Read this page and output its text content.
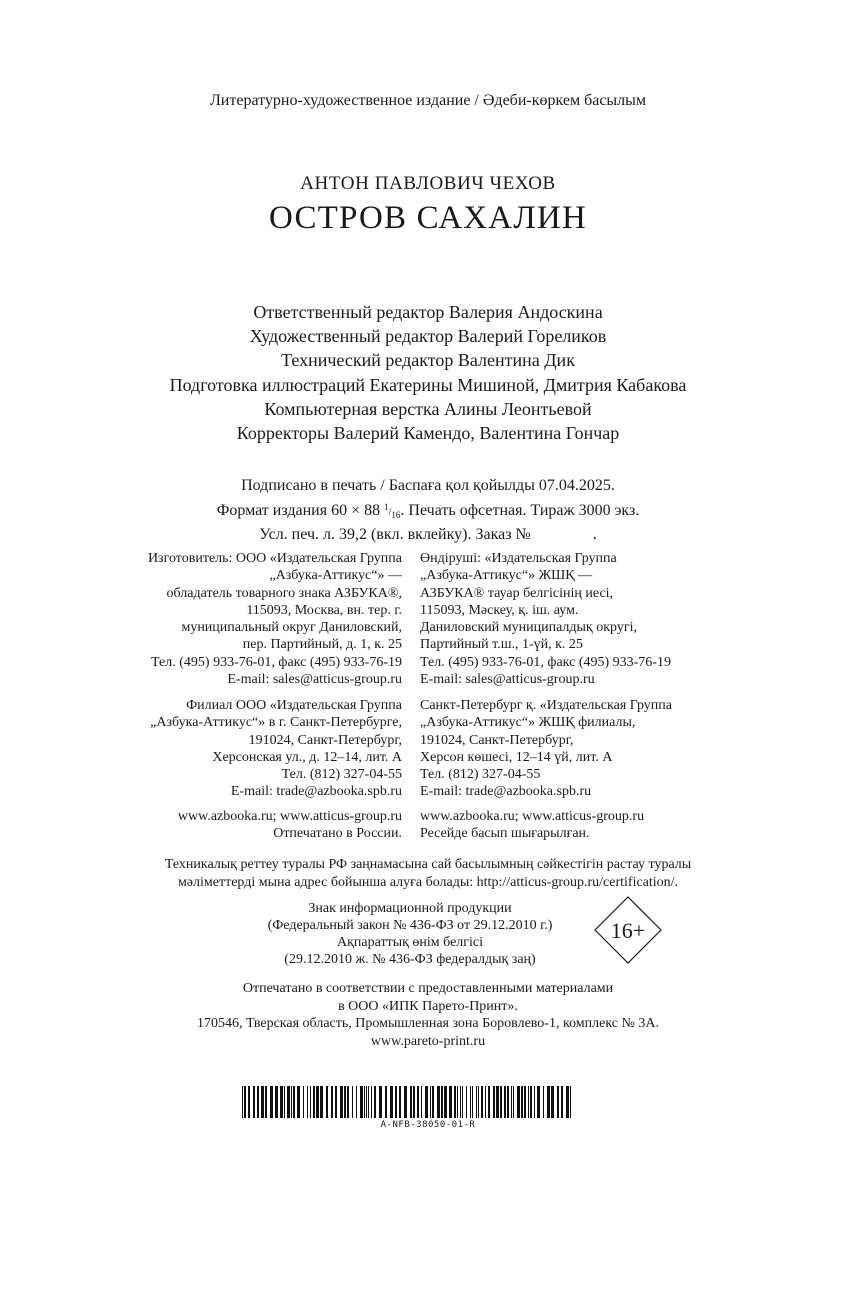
Литературно-художественное издание / Әдеби-көркем басылым
АНТОН ПАВЛОВИЧ ЧЕХОВ
ОСТРОВ САХАЛИН
Ответственный редактор Валерия Андоскина
Художественный редактор Валерий Гореликов
Технический редактор Валентина Дик
Подготовка иллюстраций Екатерины Мишиной, Дмитрия Кабакова
Компьютерная верстка Алины Леонтьевой
Корректоры Валерий Камендо, Валентина Гончар
Подписано в печать / Баспаға қол қойылды 07.04.2025.
Формат издания 60 × 88 $^1/_{16}$. Печать офсетная. Тираж 3000 экз.
Усл. печ. л. 39,2 (вкл. вклейку). Заказ №	.
Изготовитель: ООО «Издательская Группа
„Азбука-Аттикус“» —
обладатель товарного знака АЗБУКА®,
115093, Москва, вн. тер. г.
муниципальный округ Даниловский,
пер. Партийный, д. 1, к. 25
Тел. (495) 933-76-01, факс (495) 933-76-19
E-mail: sales@atticus-group.ru
Өндіруші: «Издательская Группа
„Азбука-Аттикус“» ЖШҚ —
АЗБУКА® тауар белгісінің иесі,
115093, Мәскеу, қ. іш. аум.
Даниловский муниципалдық округі,
Партийный т.ш., 1-үй, к. 25
Тел. (495) 933-76-01, факс (495) 933-76-19
E-mail: sales@atticus-group.ru
Филиал ООО «Издательская Группа
„Азбука-Аттикус“» в г. Санкт-Петербурге,
191024, Санкт-Петербург,
Херсонская ул., д. 12–14, лит. А
Тел. (812) 327-04-55
E-mail: trade@azbooka.spb.ru
Санкт-Петербург қ. «Издательская Группа
„Азбука-Аттикус“» ЖШҚ филиалы,
191024, Санкт-Петербург,
Херсон көшесі, 12–14 үй, лит. А
Тел. (812) 327-04-55
E-mail: trade@azbooka.spb.ru
www.azbooka.ru; www.atticus-group.ru
Отпечатано в России.
www.azbooka.ru; www.atticus-group.ru
Ресейде басып шығарылған.
Техникалық реттеу туралы РФ заңнамасына сай басылымның сәйкестігін растау туралы
мәліметтерді мына адрес бойынша алуға болады: http://atticus-group.ru/certification/.
Знак информационной продукции
(Федеральный закон № 436-ФЗ от 29.12.2010 г.)
Ақпараттық өнім белгісі
(29.12.2010 ж. № 436-ФЗ федералдық заң)
16+
Отпечатано в соответствии с предоставленными материалами
в ООО «ИПК Парето-Принт».
170546, Тверская область, Промышленная зона Боровлево-1, комплекс № 3А.
www.pareto-print.ru
A-NFB-38050-01-R
